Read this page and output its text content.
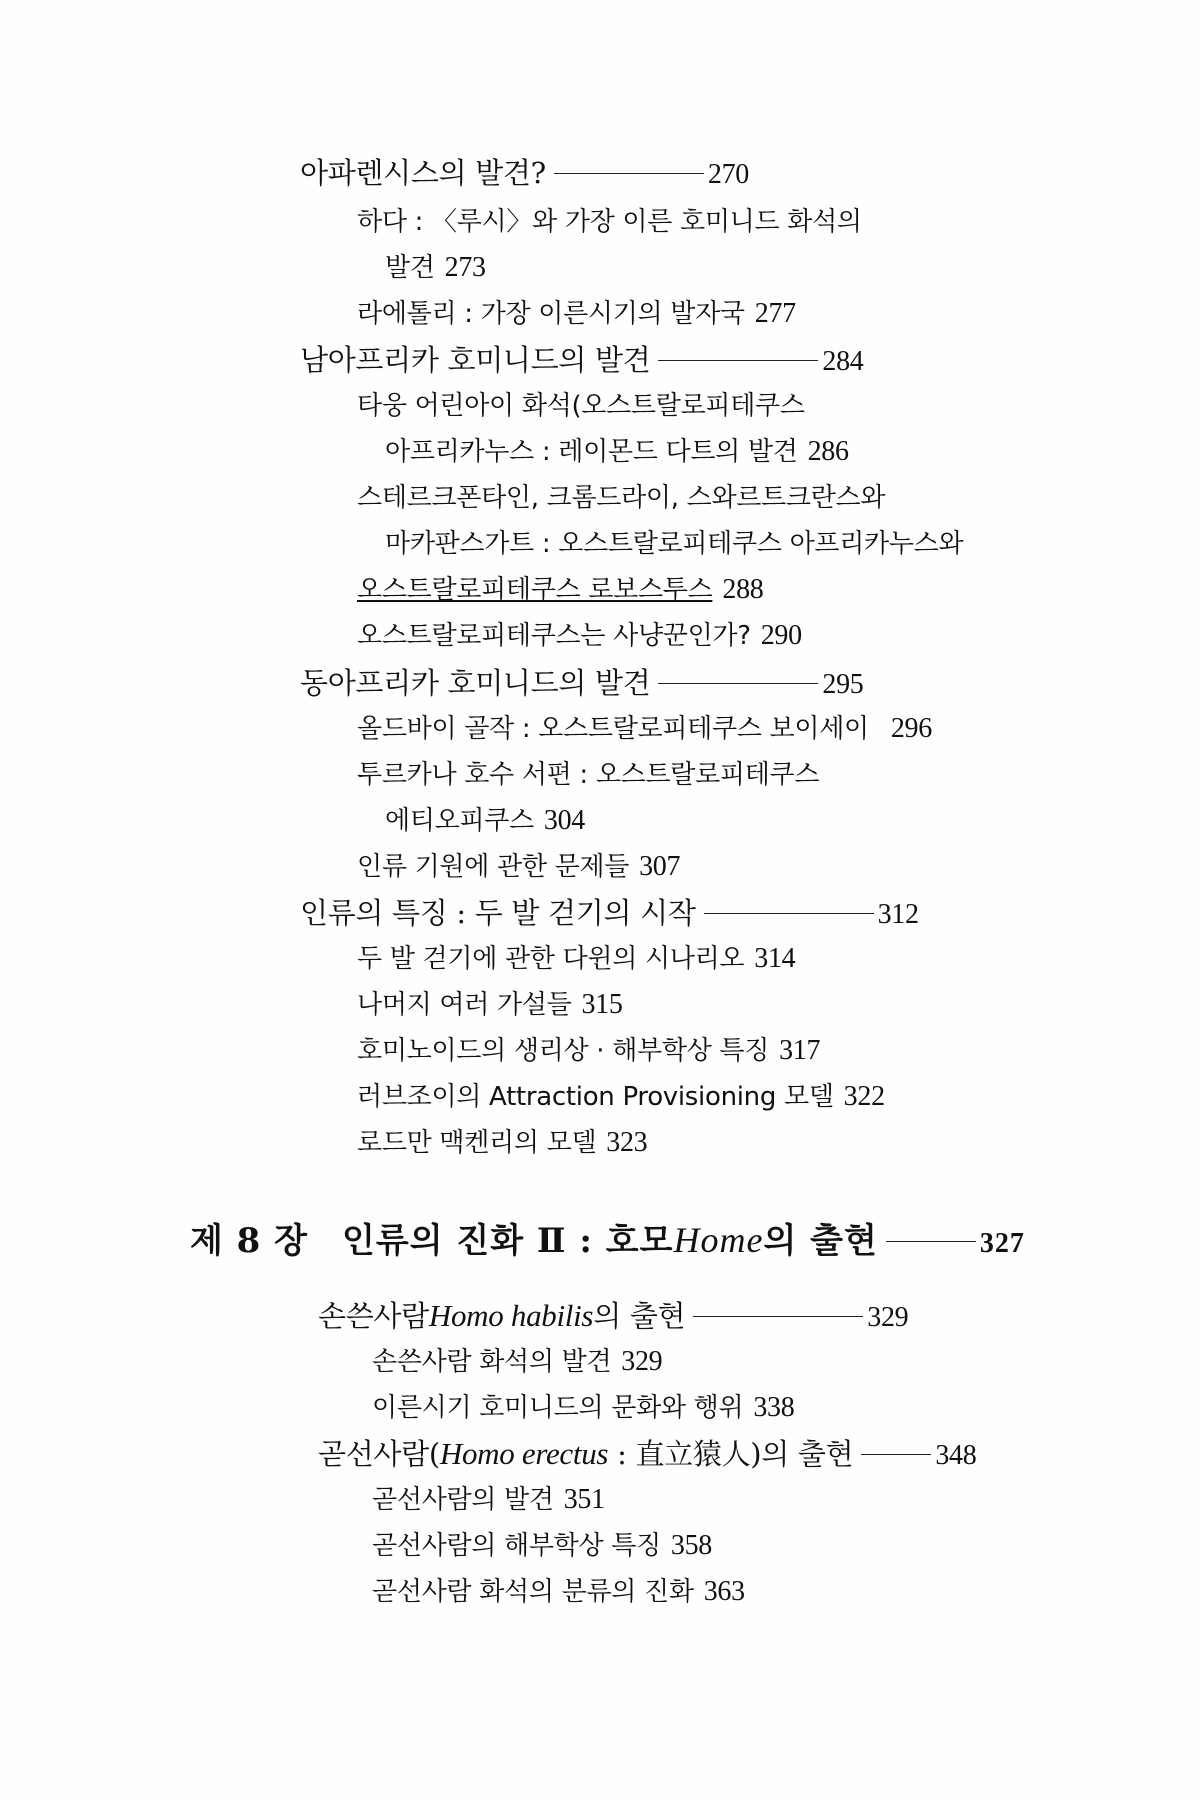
아파렌시스의 발견?	270
하다 : 〈루시〉와 가장 이른 호미니드 화석의
발견 273
라에톨리 : 가장 이른시기의 발자국 277
남아프리카 호미니드의 발견	284
타웅 어린아이 화석(오스트랄로피테쿠스
아프리카누스 : 레이몬드 다트의 발견 286
스테르크폰타인, 크롬드라이, 스와르트크란스와
마카판스가트 : 오스트랄로피테쿠스 아프리카누스와
오스트랄로피테쿠스 로보스투스 288
오스트랄로피테쿠스는 사냥꾼인가? 290
동아프리카 호미니드의 발견	295
올드바이 골작 : 오스트랄로피테쿠스 보이세이 296
투르카나 호수 서편 : 오스트랄로피테쿠스
에티오피쿠스 304
인류 기원에 관한 문제들 307
인류의 특징 : 두 발 걷기의 시작	312
두 발 걷기에 관한 다윈의 시나리오 314
나머지 여러 가설들 315
호미노이드의 생리상 · 해부학상 특징 317
러브조이의 Attraction Provisioning 모델 322
로드만 맥켄리의 모델 323
제 8 장 인류의 진화 Ⅱ : 호모Home의 출현	327
손쓴사람Homo habilis의 출현	329
손쓴사람 화석의 발견 329
이른시기 호미니드의 문화와 행위 338
곧선사람(Homo erectus : 直立猿人)의 출현	348
곧선사람의 발견 351
곧선사람의 해부학상 특징 358
곧선사람 화석의 분류의 진화 363
